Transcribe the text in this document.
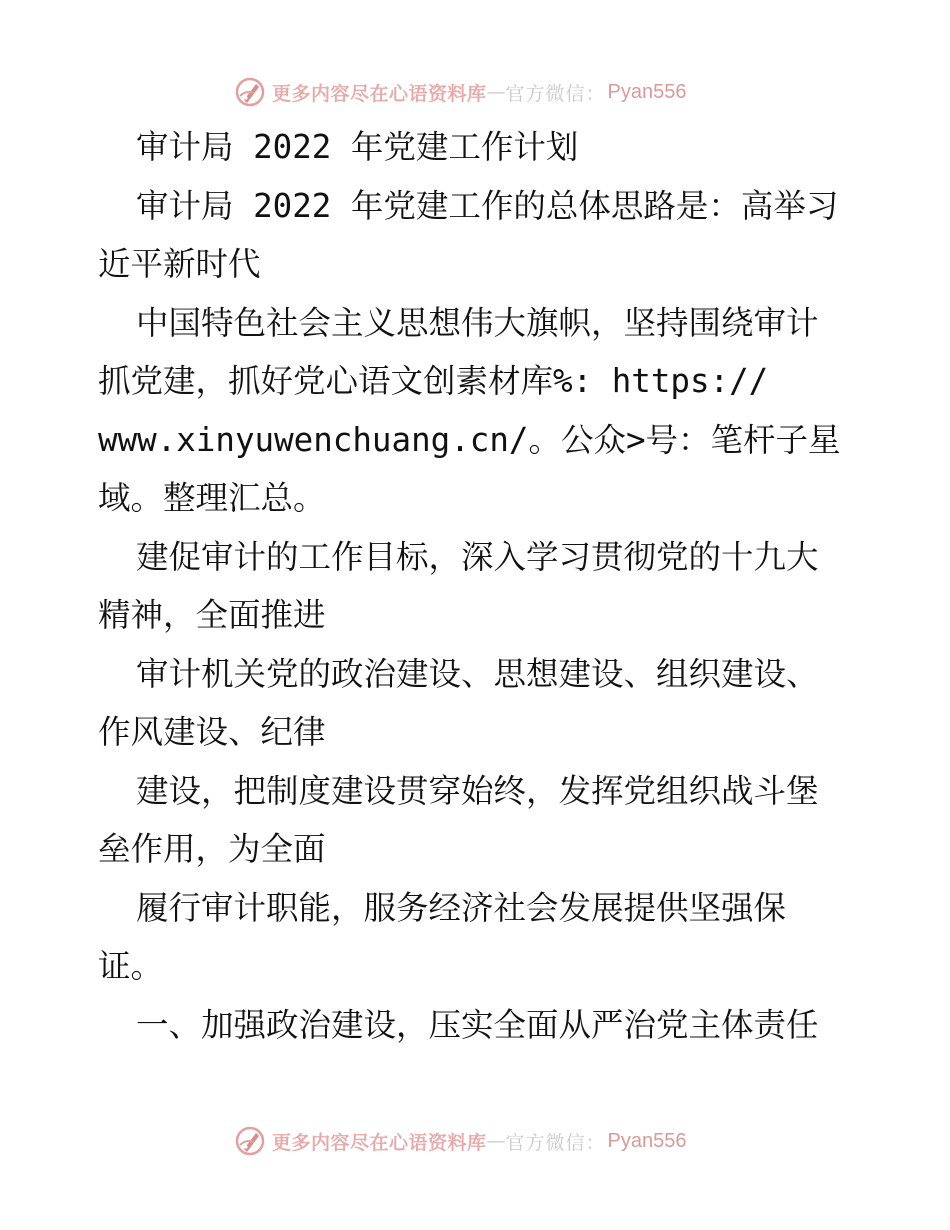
更多内容尽在心语资料库 — 官方微信 ： Pyan556
审计局 2022 年党建工作计划
审计局 2022 年党建工作的总体思路是：高举习
近平新时代
中国特色社会主义思想伟大旗帜，坚持围绕审计
抓党建，抓好党心语文创素材库%: https://
www.xinyuwenchuang.cn/。公众>号：笔杆子星
域。整理汇总。
建促审计的工作目标，深入学习贯彻党的十九大
精神，全面推进
审计机关党的政治建设、思想建设、组织建设、
作风建设、纪律
建设，把制度建设贯穿始终，发挥党组织战斗堡
垒作用，为全面
履行审计职能，服务经济社会发展提供坚强保
证。
一、加强政治建设，压实全面从严治党主体责任
更多内容尽在心语资料库 — 官方微信 ： Pyan556
